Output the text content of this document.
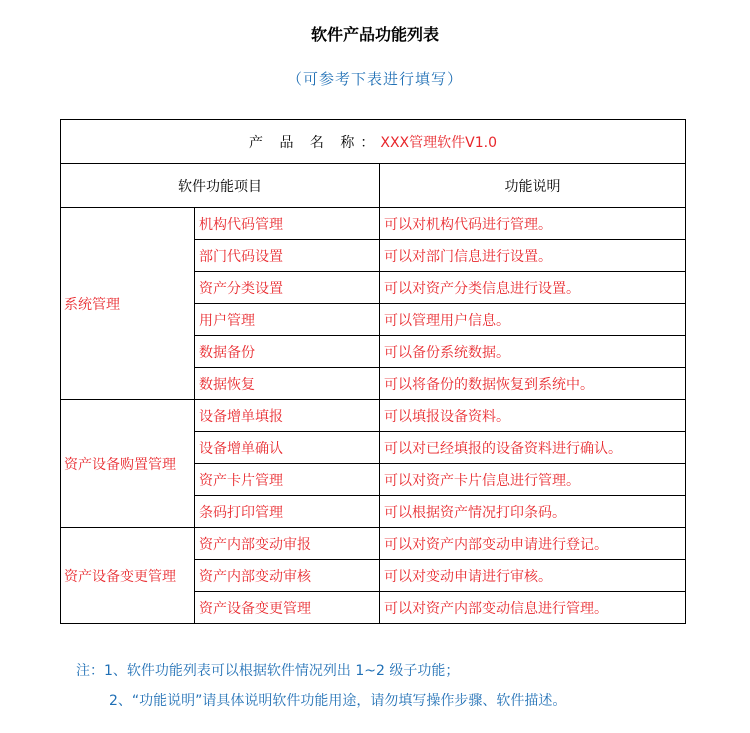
软件产品功能列表
（可参考下表进行填写）
产 品 名 称：XXX管理软件V1.0		
软件功能项目		功能说明
系统管理	机构代码管理	可以对机构代码进行管理。
	部门代码设置	可以对部门信息进行设置。
	资产分类设置	可以对资产分类信息进行设置。
	用户管理	可以管理用户信息。
	数据备份	可以备份系统数据。
	数据恢复	可以将备份的数据恢复到系统中。
资产设备购置管理	设备增单填报	可以填报设备资料。
	设备增单确认	可以对已经填报的设备资料进行确认。
	资产卡片管理	可以对资产卡片信息进行管理。
	条码打印管理	可以根据资产情况打印条码。
资产设备变更管理	资产内部变动审报	可以对资产内部变动申请进行登记。
	资产内部变动审核	可以对变动申请进行审核。
	资产设备变更管理	可以对资产内部变动信息进行管理。
注：1、软件功能列表可以根据软件情况列出 1~2 级子功能；
2、“功能说明”请具体说明软件功能用途，请勿填写操作步骤、软件描述。
